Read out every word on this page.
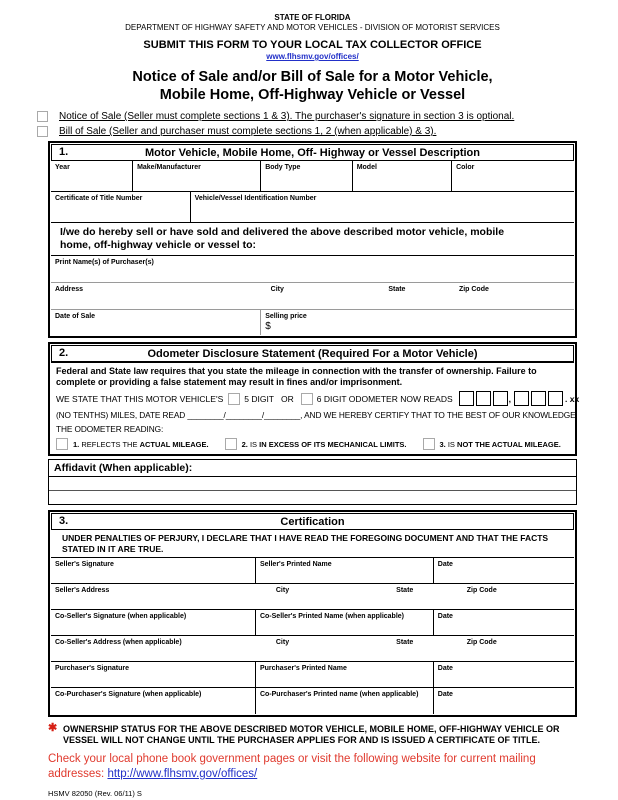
STATE OF FLORIDA
DEPARTMENT OF HIGHWAY SAFETY AND MOTOR VEHICLES - DIVISION OF MOTORIST SERVICES
SUBMIT THIS FORM TO YOUR LOCAL TAX COLLECTOR OFFICE
www.flhsmv.gov/offices/
Notice of Sale and/or Bill of Sale for a Motor Vehicle,
Mobile Home, Off-Highway Vehicle or Vessel
Notice of Sale (Seller must complete sections 1 & 3). The purchaser's signature in section 3 is optional.
Bill of Sale (Seller and purchaser must complete sections 1, 2 (when applicable) & 3).
1.	Motor Vehicle, Mobile Home, Off- Highway or Vessel Description
Year	Make/Manufacturer	Body Type	Model	Color
Certificate of Title Number	Vehicle/Vessel Identification Number
I/we do hereby sell or have sold and delivered the above described motor vehicle, mobile home, off-highway vehicle or vessel to:
Print Name(s) of Purchaser(s)
Address	City	State	Zip Code
Date of Sale	Selling price
$
2.	Odometer Disclosure Statement (Required For a Motor Vehicle)
Federal and State law requires that you state the mileage in connection with the transfer of ownership. Failure to complete or providing a false statement may result in fines and/or imprisonment.
WE STATE THAT THIS MOTOR VEHICLE'S 5 DIGIT OR	6 DIGIT ODOMETER NOW READS	,	. xx
(NO TENTHS) MILES, DATE READ ________/________/________, AND WE HEREBY CERTIFY THAT TO THE BEST OF OUR KNOWLEDGE
THE ODOMETER READING:
1. REFLECTS THE ACTUAL MILEAGE.	2. IS IN EXCESS OF ITS MECHANICAL LIMITS.	3. IS NOT THE ACTUAL MILEAGE.
Affidavit (When applicable):
3.	Certification
UNDER PENALTIES OF PERJURY, I DECLARE THAT I HAVE READ THE FOREGOING DOCUMENT AND THAT THE FACTS STATED IN IT ARE TRUE.
Seller's Signature	Seller's Printed Name	Date
Seller's Address	City	State	Zip Code
Co-Seller's Signature (when applicable)	Co-Seller's Printed Name (when applicable)	Date
Co-Seller's Address (when applicable)	City	State	Zip Code
Purchaser's Signature	Purchaser's Printed Name	Date
Co-Purchaser's Signature (when applicable)	Co-Purchaser's Printed name (when applicable)	Date
✱ OWNERSHIP STATUS FOR THE ABOVE DESCRIBED MOTOR VEHICLE, MOBILE HOME, OFF-HIGHWAY VEHICLE OR VESSEL WILL NOT CHANGE UNTIL THE PURCHASER APPLIES FOR AND IS ISSUED A CERTIFICATE OF TITLE.
Check your local phone book government pages or visit the following website for current mailing addresses: http://www.flhsmv.gov/offices/
HSMV 82050 (Rev. 06/11) S
